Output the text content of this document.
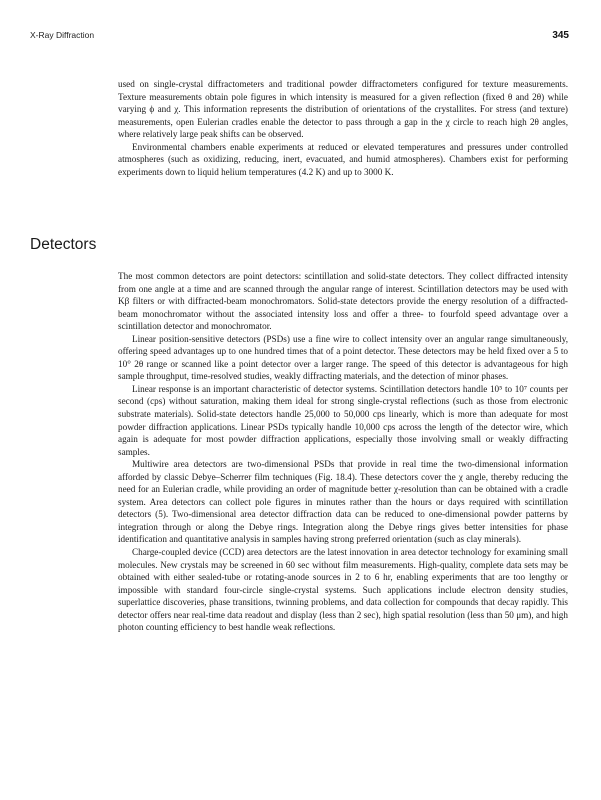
X-Ray Diffraction	345

used on single-crystal diffractometers and traditional powder diffractometers configured for texture measurements. Texture measurements obtain pole figures in which intensity is measured for a given reflection (fixed θ and 2θ) while varying ϕ and χ. This information represents the distribution of orientations of the crystallites. For stress (and texture) measurements, open Eulerian cradles enable the detector to pass through a gap in the χ circle to reach high 2θ angles, where relatively large peak shifts can be observed.

Environmental chambers enable experiments at reduced or elevated temperatures and pressures under controlled atmospheres (such as oxidizing, reducing, inert, evacuated, and humid atmospheres). Chambers exist for performing experiments down to liquid helium temperatures (4.2 K) and up to 3000 K.

Detectors

The most common detectors are point detectors: scintillation and solid-state detectors. They collect diffracted intensity from one angle at a time and are scanned through the angular range of interest. Scintillation detectors may be used with Kβ filters or with diffracted-beam monochromators. Solid-state detectors provide the energy resolution of a diffracted-beam monochromator without the associated intensity loss and offer a three- to fourfold speed advantage over a scintillation detector and monochromator.

Linear position-sensitive detectors (PSDs) use a fine wire to collect intensity over an angular range simultaneously, offering speed advantages up to one hundred times that of a point detector. These detectors may be held fixed over a 5 to 10° 2θ range or scanned like a point detector over a larger range. The speed of this detector is advantageous for high sample throughput, time-resolved studies, weakly diffracting materials, and the detection of minor phases.

Linear response is an important characteristic of detector systems. Scintillation detectors handle 10⁵ to 10⁷ counts per second (cps) without saturation, making them ideal for strong single-crystal reflections (such as those from electronic substrate materials). Solid-state detectors handle 25,000 to 50,000 cps linearly, which is more than adequate for most powder diffraction applications. Linear PSDs typically handle 10,000 cps across the length of the detector wire, which again is adequate for most powder diffraction applications, especially those involving small or weakly diffracting samples.

Multiwire area detectors are two-dimensional PSDs that provide in real time the two-dimensional information afforded by classic Debye–Scherrer film techniques (Fig. 18.4). These detectors cover the χ angle, thereby reducing the need for an Eulerian cradle, while providing an order of magnitude better χ-resolution than can be obtained with a cradle system. Area detectors can collect pole figures in minutes rather than the hours or days required with scintillation detectors (5). Two-dimensional area detector diffraction data can be reduced to one-dimensional powder patterns by integration through or along the Debye rings. Integration along the Debye rings gives better intensities for phase identification and quantitative analysis in samples having strong preferred orientation (such as clay minerals).

Charge-coupled device (CCD) area detectors are the latest innovation in area detector technology for examining small molecules. New crystals may be screened in 60 sec without film measurements. High-quality, complete data sets may be obtained with either sealed-tube or rotating-anode sources in 2 to 6 hr, enabling experiments that are too lengthy or impossible with standard four-circle single-crystal systems. Such applications include electron density studies, superlattice discoveries, phase transitions, twinning problems, and data collection for compounds that decay rapidly. This detector offers near real-time data readout and display (less than 2 sec), high spatial resolution (less than 50 μm), and high photon counting efficiency to best handle weak reflections.
